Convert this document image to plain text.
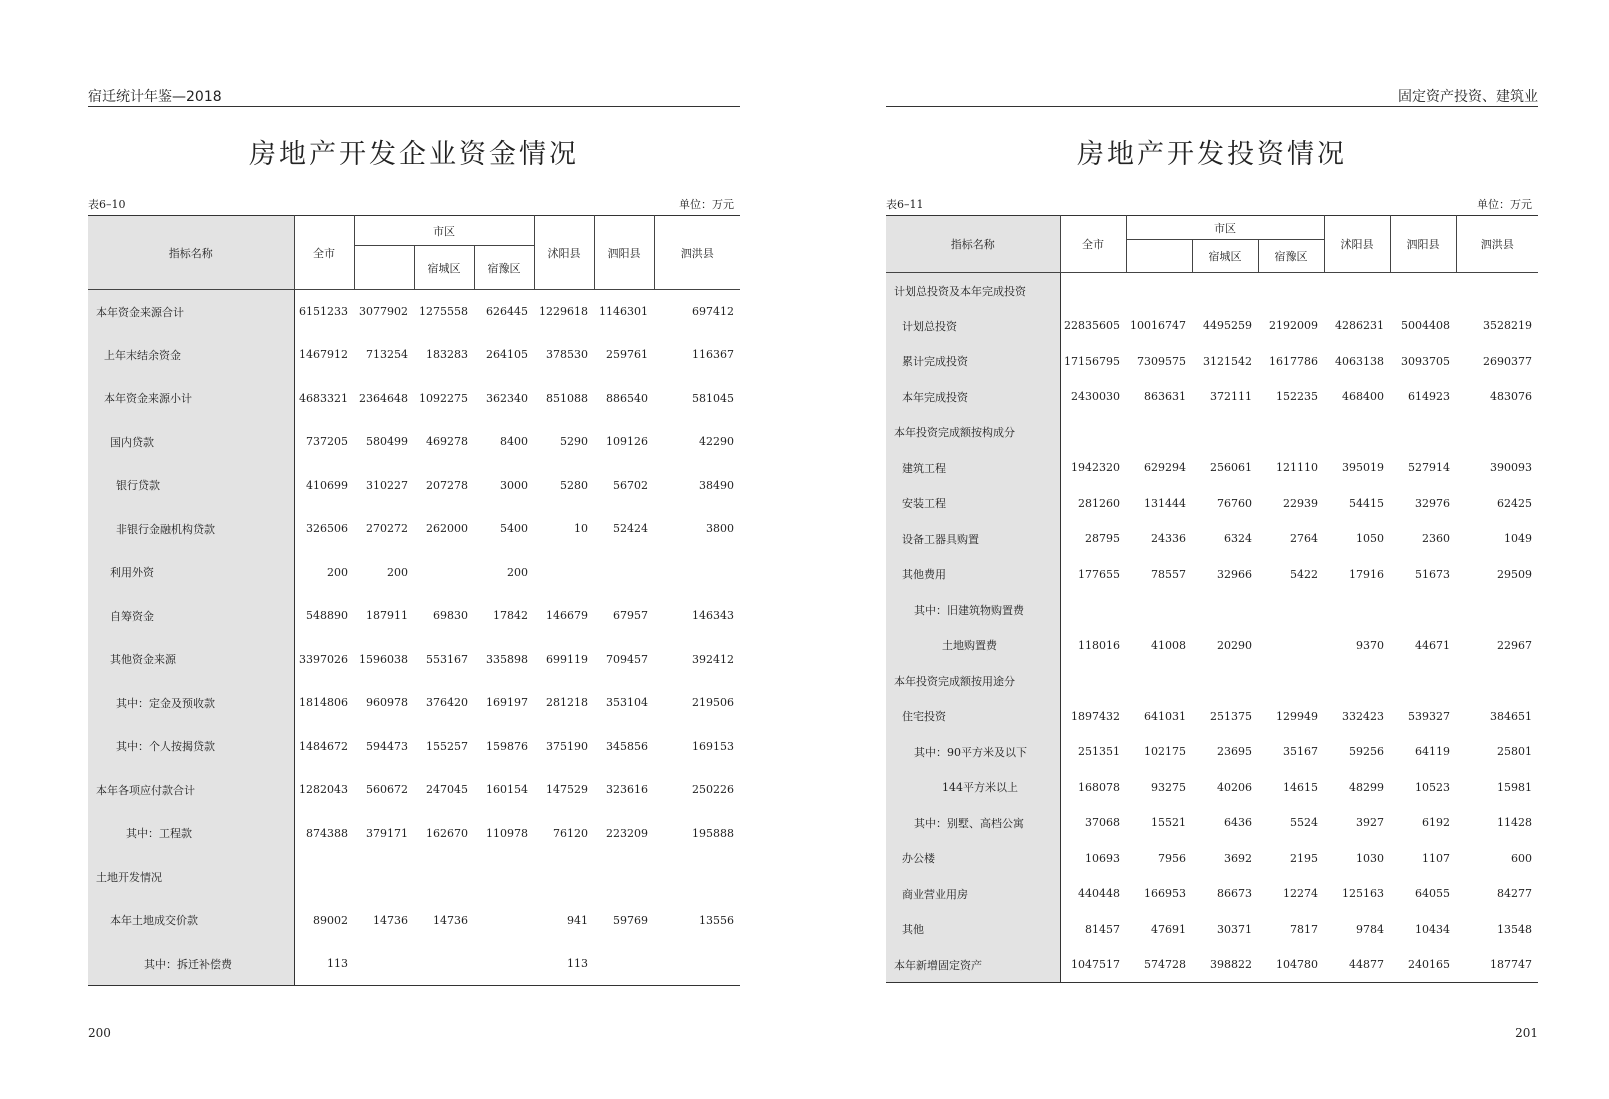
宿迁统计年鉴—2018
房地产开发企业资金情况
表6–10	单位：万元
指标名称	全市	市区			沭阳县	泗阳县	泗洪县
			宿城区	宿豫区			
本年资金来源合计	6151233	3077902	1275558	626445	1229618	1146301	697412
上年末结余资金	1467912	713254	183283	264105	378530	259761	116367
本年资金来源小计	4683321	2364648	1092275	362340	851088	886540	581045
国内贷款	737205	580499	469278	8400	5290	109126	42290
银行贷款	410699	310227	207278	3000	5280	56702	38490
非银行金融机构贷款	326506	270272	262000	5400	10	52424	3800
利用外资	200	200		200			
自筹资金	548890	187911	69830	17842	146679	67957	146343
其他资金来源	3397026	1596038	553167	335898	699119	709457	392412
其中：定金及预收款	1814806	960978	376420	169197	281218	353104	219506
其中：个人按揭贷款	1484672	594473	155257	159876	375190	345856	169153
本年各项应付款合计	1282043	560672	247045	160154	147529	323616	250226
其中：工程款	874388	379171	162670	110978	76120	223209	195888
土地开发情况							
本年土地成交价款	89002	14736	14736		941	59769	13556
其中：拆迁补偿费	113				113		
200
固定资产投资、建筑业
房地产开发投资情况
表6–11	单位：万元
指标名称	全市	市区			沭阳县	泗阳县	泗洪县
			宿城区	宿豫区			
计划总投资及本年完成投资							
计划总投资	22835605	10016747	4495259	2192009	4286231	5004408	3528219
累计完成投资	17156795	7309575	3121542	1617786	4063138	3093705	2690377
本年完成投资	2430030	863631	372111	152235	468400	614923	483076
本年投资完成额按构成分							
建筑工程	1942320	629294	256061	121110	395019	527914	390093
安装工程	281260	131444	76760	22939	54415	32976	62425
设备工器具购置	28795	24336	6324	2764	1050	2360	1049
其他费用	177655	78557	32966	5422	17916	51673	29509
其中：旧建筑物购置费							
土地购置费	118016	41008	20290		9370	44671	22967
本年投资完成额按用途分							
住宅投资	1897432	641031	251375	129949	332423	539327	384651
其中：90平方米及以下	251351	102175	23695	35167	59256	64119	25801
144平方米以上	168078	93275	40206	14615	48299	10523	15981
其中：别墅、高档公寓	37068	15521	6436	5524	3927	6192	11428
办公楼	10693	7956	3692	2195	1030	1107	600
商业营业用房	440448	166953	86673	12274	125163	64055	84277
其他	81457	47691	30371	7817	9784	10434	13548
本年新增固定资产	1047517	574728	398822	104780	44877	240165	187747
201
